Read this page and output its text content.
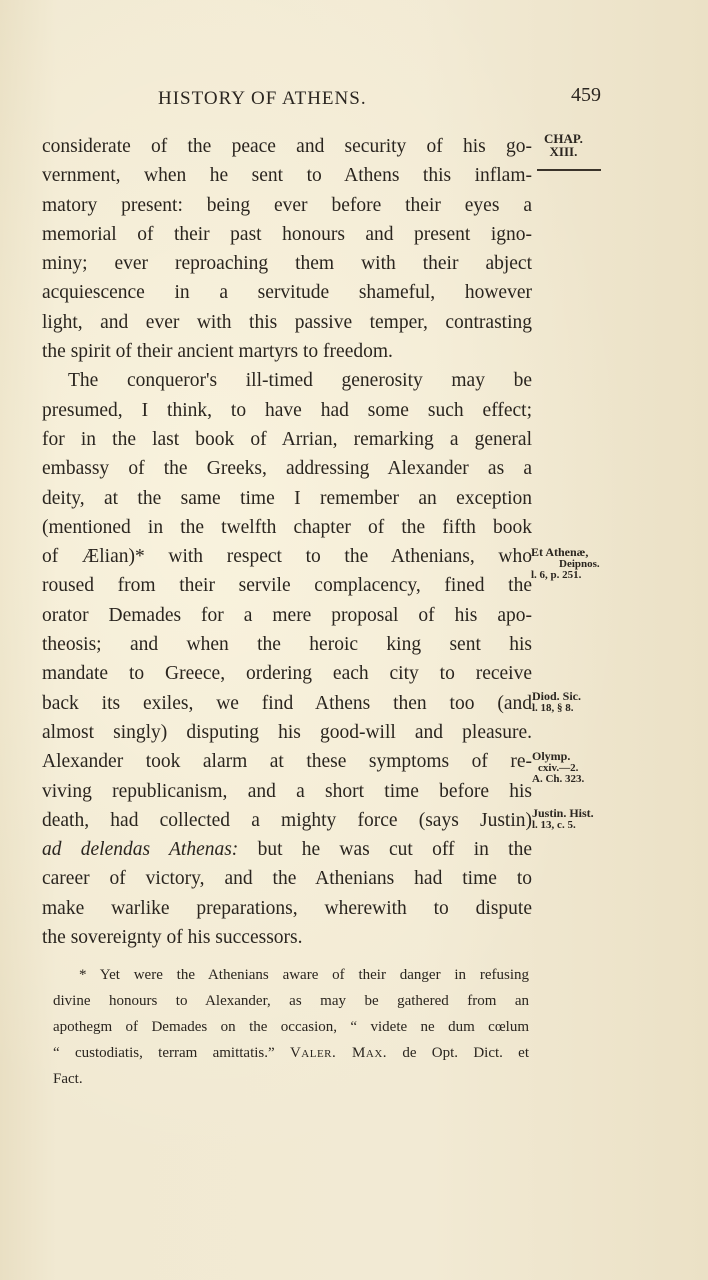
HISTORY OF ATHENS.	459
CHAP.
XIII.
considerate of the peace and security of his go-
vernment, when he sent to Athens this inflam-
matory present: being ever before their eyes a
memorial of their past honours and present igno-
miny; ever reproaching them with their abject
acquiescence in a servitude shameful, however
light, and ever with this passive temper, contrasting
the spirit of their ancient martyrs to freedom.
The conqueror's ill-timed generosity may be
presumed, I think, to have had some such effect;
for in the last book of Arrian, remarking a general
embassy of the Greeks, addressing Alexander as a
deity, at the same time I remember an exception
(mentioned in the twelfth chapter of the fifth book
of Ælian)* with respect to the Athenians, who
roused from their servile complacency, fined the
orator Demades for a mere proposal of his apo-
theosis; and when the heroic king sent his
mandate to Greece, ordering each city to receive
back its exiles, we find Athens then too (and
almost singly) disputing his good-will and pleasure.
Alexander took alarm at these symptoms of re-
viving republicanism, and a short time before his
death, had collected a mighty force (says Justin)
ad delendas Athenas: but he was cut off in the
career of victory, and the Athenians had time to
make warlike preparations, wherewith to dispute
the sovereignty of his successors.
Et Athenæ,
Deipnos.
l. 6, p. 251.
Diod. Sic.
l. 18, § 8.
Olymp.
cxiv.—2.
A. Ch. 323.
Justin. Hist.
l. 13, c. 5.
* Yet were the Athenians aware of their danger in refusing
divine honours to Alexander, as may be gathered from an
apothegm of Demades on the occasion, “ videte ne dum cœlum
“ custodiatis, terram amittatis.” Valer. Max. de Opt. Dict. et
Fact.
